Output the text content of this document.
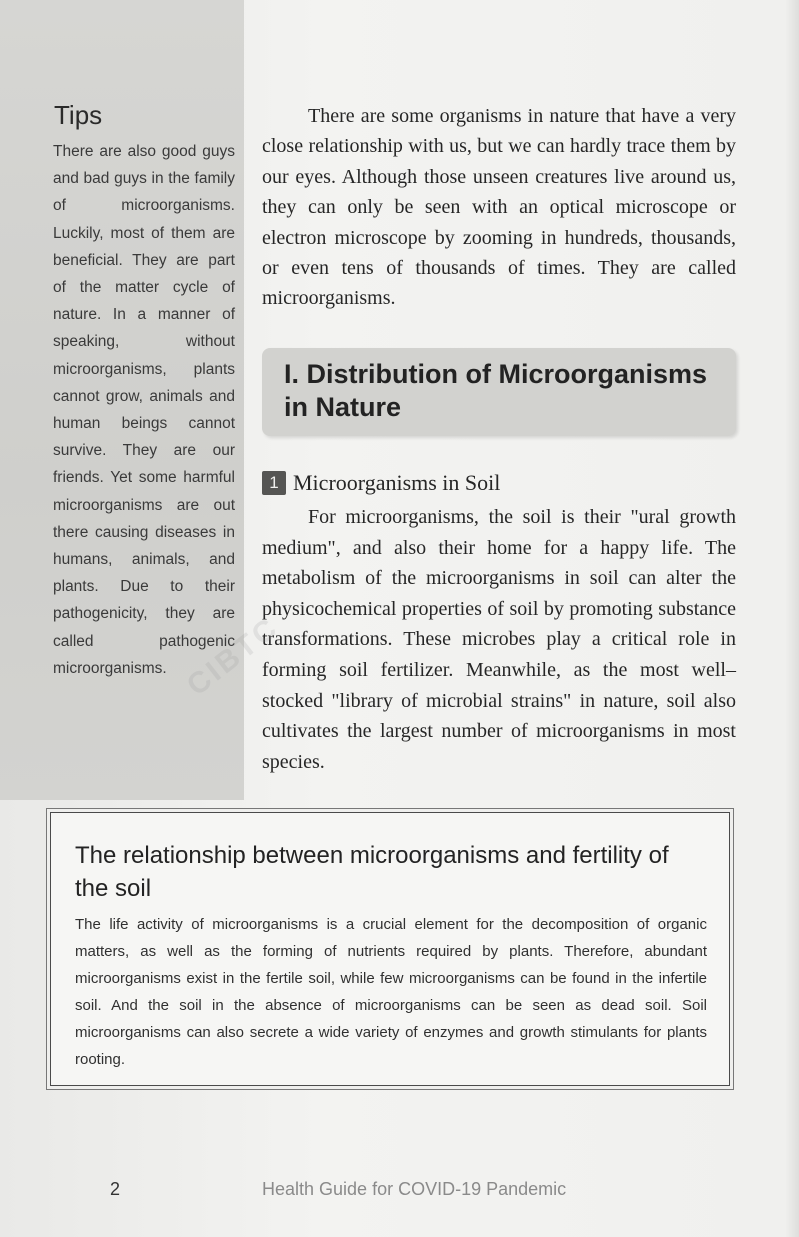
Tips

There are also good guys and bad guys in the family of microorganisms. Luckily, most of them are beneficial. They are part of the matter cycle of nature. In a manner of speaking, without microorganisms, plants cannot grow, animals and human beings cannot survive. They are our friends. Yet some harmful microorganisms are out there causing diseases in humans, animals, and plants. Due to their pathogenicity, they are called pathogenic microorganisms.

There are some organisms in nature that have a very close relationship with us, but we can hardly trace them by our eyes. Although those unseen creatures live around us, they can only be seen with an optical microscope or electron microscope by zooming in hundreds, thousands, or even tens of thousands of times. They are called microorganisms.

I. Distribution of Microorganisms in Nature
1 Microorganisms in Soil

For microorganisms, the soil is their "ural growth medium", and also their home for a happy life. The metabolism of the microorganisms in soil can alter the physicochemical properties of soil by promoting substance transformations. These microbes play a critical role in forming soil fertilizer. Meanwhile, as the most well–stocked "library of microbial strains" in nature, soil also cultivates the largest number of microorganisms in most species.

The relationship between microorganisms and fertility of the soil

The life activity of microorganisms is a crucial element for the decomposition of organic matters, as well as the forming of nutrients required by plants. Therefore, abundant microorganisms exist in the fertile soil, while few microorganisms can be found in the infertile soil. And the soil in the absence of microorganisms can be seen as dead soil. Soil microorganisms can also secrete a wide variety of enzymes and growth stimulants for plants rooting.

CIBTC

2	Health Guide for COVID-19 Pandemic
